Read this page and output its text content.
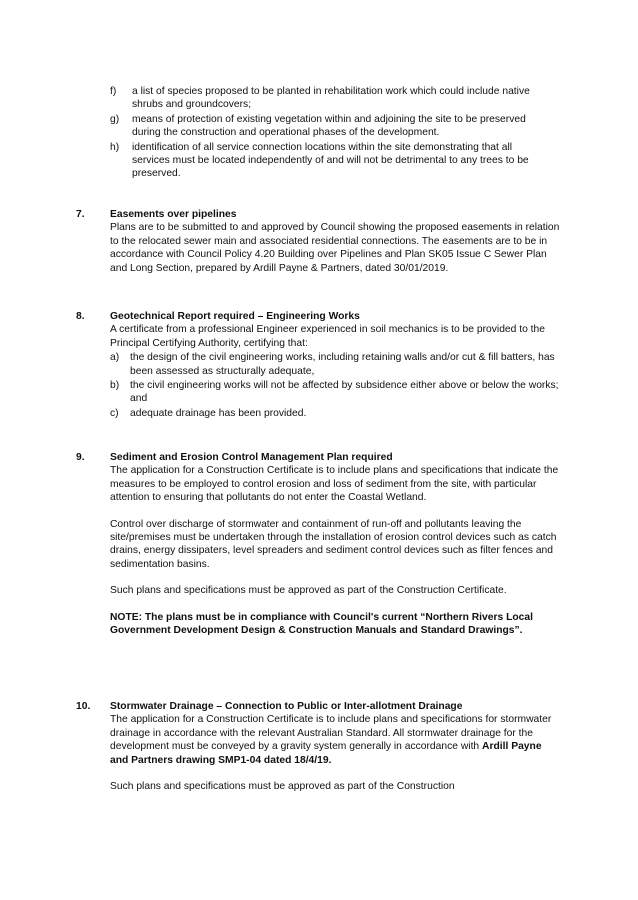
f) a list of species proposed to be planted in rehabilitation work which could include native shrubs and groundcovers;
g) means of protection of existing vegetation within and adjoining the site to be preserved during the construction and operational phases of the development.
h) identification of all service connection locations within the site demonstrating that all services must be located independently of and will not be detrimental to any trees to be preserved.
7. Easements over pipelines

Plans are to be submitted to and approved by Council showing the proposed easements in relation to the relocated sewer main and associated residential connections. The easements are to be in accordance with Council Policy 4.20 Building over Pipelines and Plan SK05 Issue C Sewer Plan and Long Section, prepared by Ardill Payne & Partners, dated 30/01/2019.

8. Geotechnical Report required – Engineering Works

A certificate from a professional Engineer experienced in soil mechanics is to be provided to the Principal Certifying Authority, certifying that:

a) the design of the civil engineering works, including retaining walls and/or cut & fill batters, has been assessed as structurally adequate,
b) the civil engineering works will not be affected by subsidence either above or below the works; and
c) adequate drainage has been provided.
9. Sediment and Erosion Control Management Plan required

The application for a Construction Certificate is to include plans and specifications that indicate the measures to be employed to control erosion and loss of sediment from the site, with particular attention to ensuring that pollutants do not enter the Coastal Wetland.

Control over discharge of stormwater and containment of run-off and pollutants leaving the site/premises must be undertaken through the installation of erosion control devices such as catch drains, energy dissipaters, level spreaders and sediment control devices such as filter fences and sedimentation basins.

Such plans and specifications must be approved as part of the Construction Certificate.

NOTE: The plans must be in compliance with Council's current “Northern Rivers Local Government Development Design & Construction Manuals and Standard Drawings”.

10. Stormwater Drainage – Connection to Public or Inter-allotment Drainage

The application for a Construction Certificate is to include plans and specifications for stormwater drainage in accordance with the relevant Australian Standard. All stormwater drainage for the development must be conveyed by a gravity system generally in accordance with Ardill Payne and Partners drawing SMP1-04 dated 18/4/19.

Such plans and specifications must be approved as part of the Construction
